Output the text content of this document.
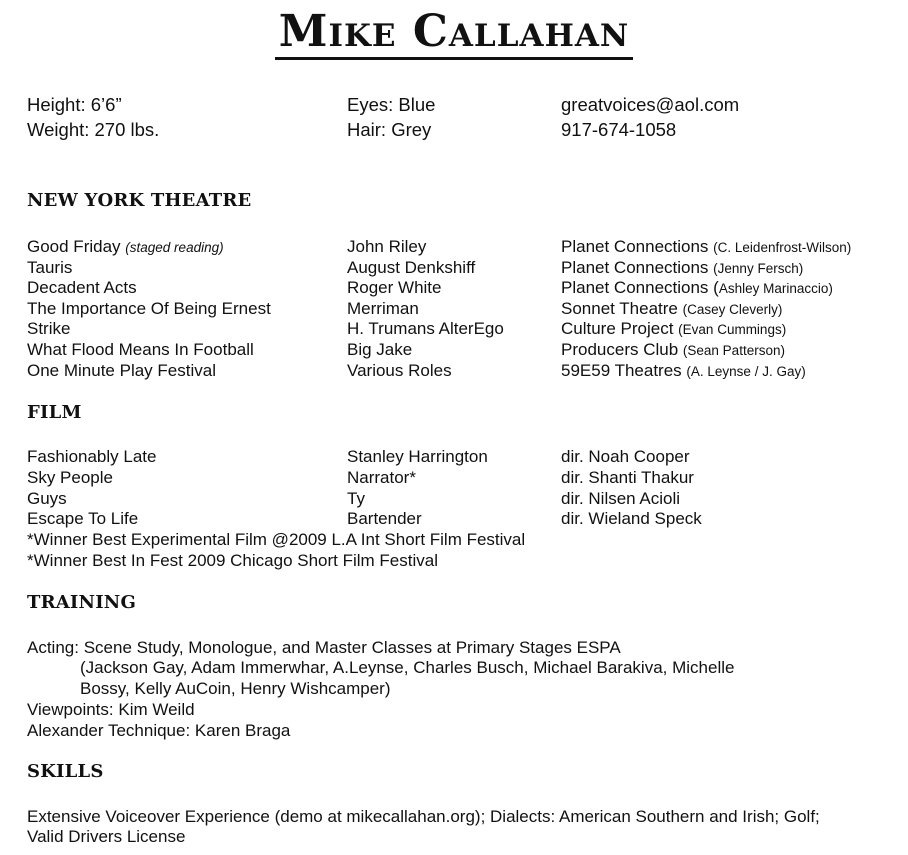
Mike Callahan
Height: 6’6”	Eyes: Blue	greatvoices@aol.com
Weight: 270 lbs.	Hair: Grey	917-674-1058
NEW YORK THEATRE
Good Friday (staged reading)	John Riley	Planet Connections (C. Leidenfrost-Wilson)
Tauris	August Denkshiff	Planet Connections (Jenny Fersch)
Decadent Acts	Roger White	Planet Connections (Ashley Marinaccio)
The Importance Of Being Ernest	Merriman	Sonnet Theatre (Casey Cleverly)
Strike	H. Trumans AlterEgo	Culture Project (Evan Cummings)
What Flood Means In Football	Big Jake	Producers Club (Sean Patterson)
One Minute Play Festival	Various Roles	59E59 Theatres (A. Leynse / J. Gay)
FILM
Fashionably Late	Stanley Harrington	dir. Noah Cooper
Sky People	Narrator*	dir. Shanti Thakur
Guys	Ty	dir. Nilsen Acioli
Escape To Life	Bartender	dir. Wieland Speck
*Winner Best Experimental Film @2009 L.A Int Short Film Festival
*Winner Best In Fest 2009 Chicago Short Film Festival
TRAINING
Acting: Scene Study, Monologue, and Master Classes at Primary Stages ESPA
(Jackson Gay, Adam Immerwhar, A.Leynse, Charles Busch, Michael Barakiva, Michelle
Bossy, Kelly AuCoin, Henry Wishcamper)
Viewpoints: Kim Weild
Alexander Technique: Karen Braga
SKILLS
Extensive Voiceover Experience (demo at mikecallahan.org); Dialects: American Southern and Irish; Golf;
Valid Drivers License
